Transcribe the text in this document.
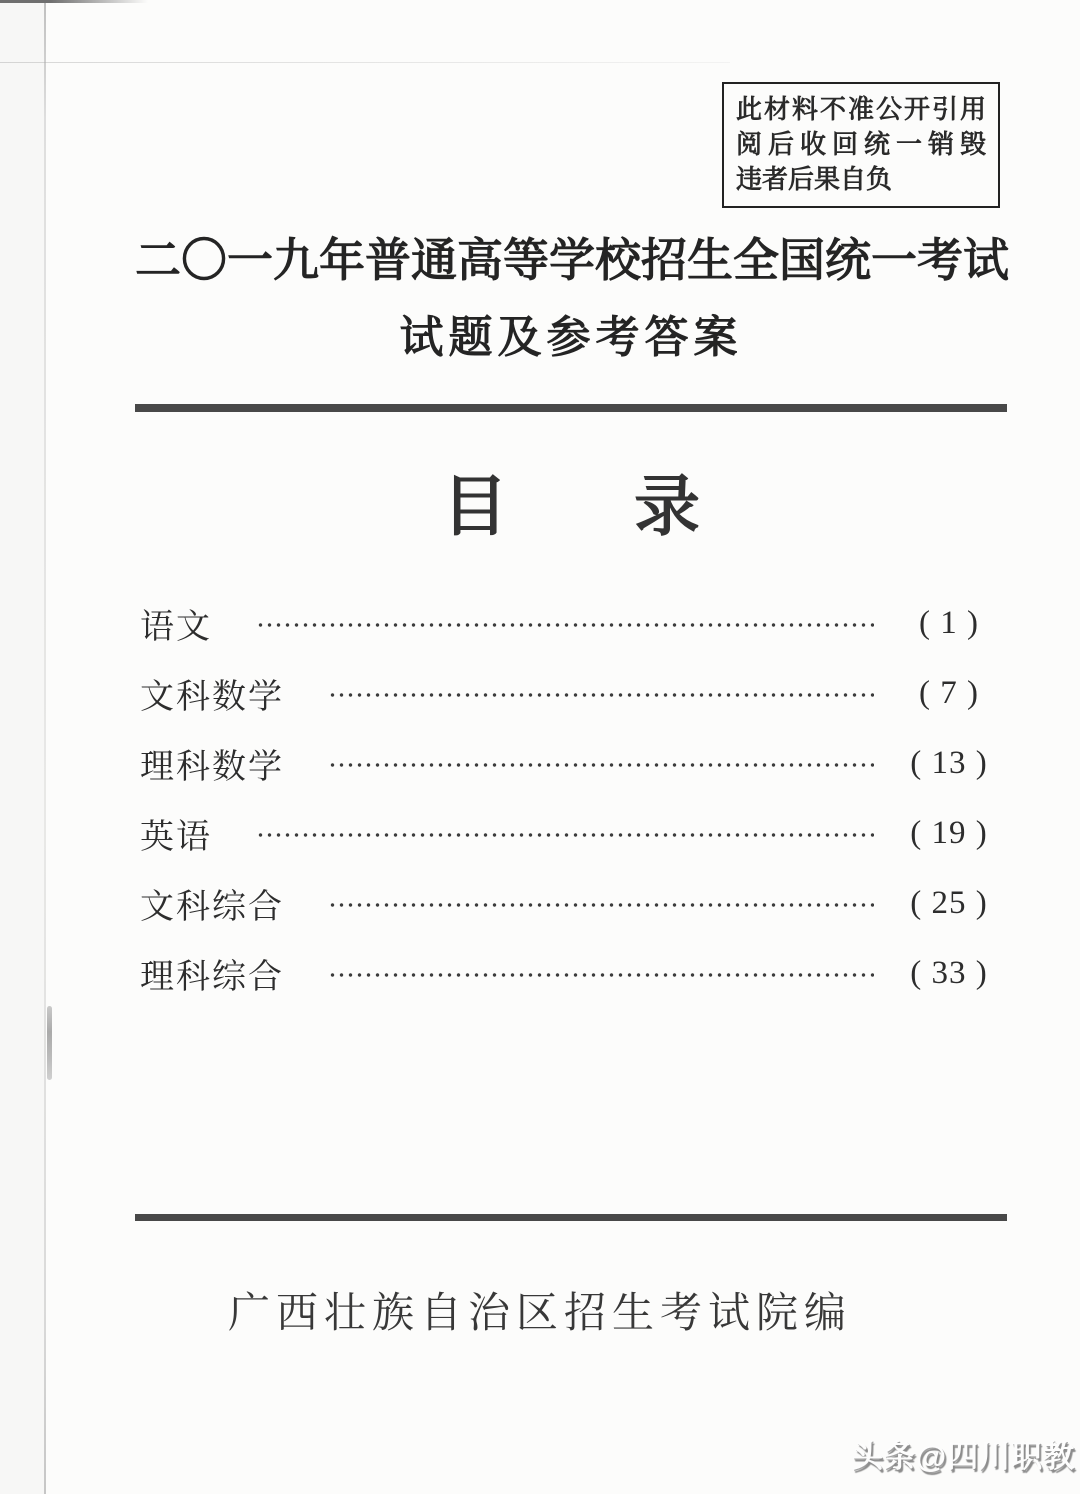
此材料不准公开引用
阅后收回统一销毁
违者后果自负
二〇一九年普通高等学校招生全国统一考试
试题及参考答案
目 录
语文	( 1 )
文科数学	( 7 )
理科数学	( 13 )
英语	( 19 )
文科综合	( 25 )
理科综合	( 33 )
广西壮族自治区招生考试院编
头条@四川职教
